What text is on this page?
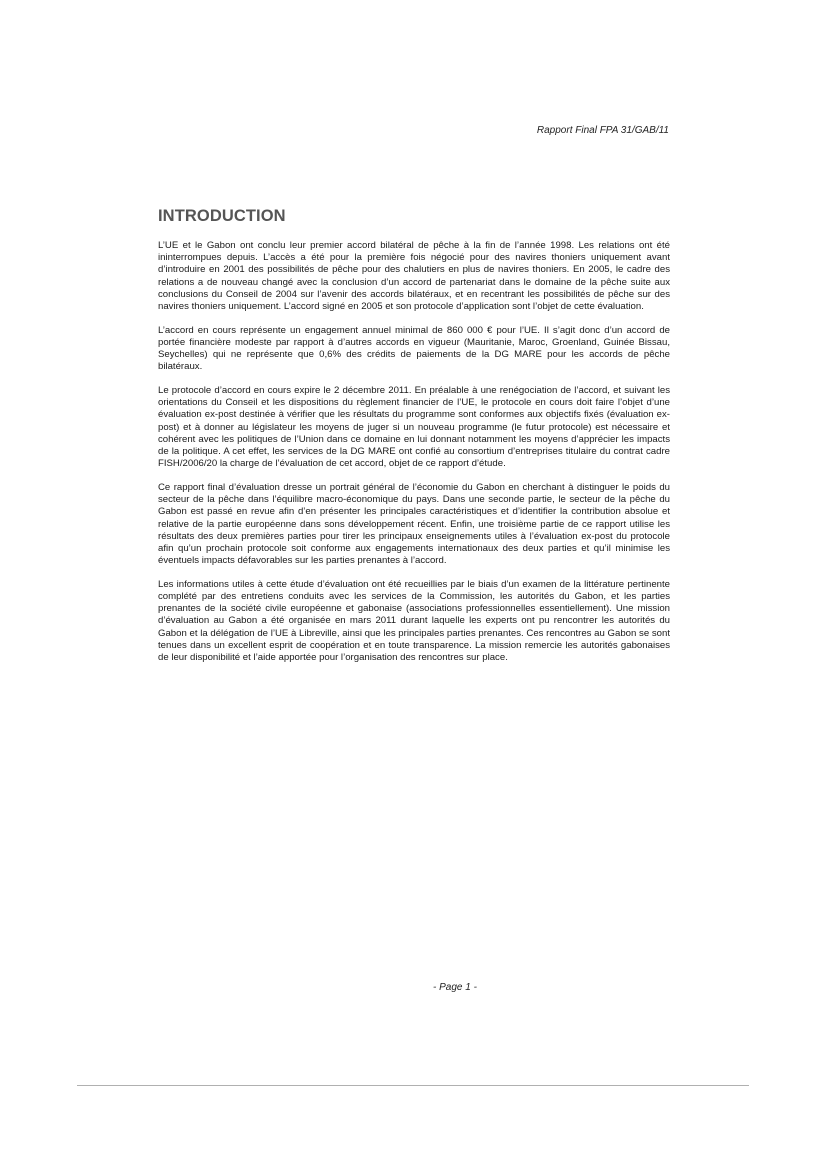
Rapport Final FPA 31/GAB/11
INTRODUCTION

L’UE et le Gabon ont conclu leur premier accord bilatéral de pêche à la fin de l’année 1998. Les relations ont été ininterrompues depuis. L’accès a été pour la première fois négocié pour des navires thoniers uniquement avant d’introduire en 2001 des possibilités de pêche pour des chalutiers en plus de navires thoniers. En 2005, le cadre des relations a de nouveau changé avec la conclusion d’un accord de partenariat dans le domaine de la pêche suite aux conclusions du Conseil de 2004 sur l’avenir des accords bilatéraux, et en recentrant les possibilités de pêche sur des navires thoniers uniquement. L’accord signé en 2005 et son protocole d’application sont l’objet de cette évaluation.

L’accord en cours représente un engagement annuel minimal de 860 000 € pour l’UE. Il s’agit donc d’un accord de portée financière modeste par rapport à d’autres accords en vigueur (Mauritanie, Maroc, Groenland, Guinée Bissau, Seychelles) qui ne représente que 0,6% des crédits de paiements de la DG MARE pour les accords de pêche bilatéraux.

Le protocole d’accord en cours expire le 2 décembre 2011. En préalable à une renégociation de l’accord, et suivant les orientations du Conseil et les dispositions du règlement financier de l’UE, le protocole en cours doit faire l’objet d’une évaluation ex-post destinée à vérifier que les résultats du programme sont conformes aux objectifs fixés (évaluation ex-post) et à donner au législateur les moyens de juger si un nouveau programme (le futur protocole) est nécessaire et cohérent avec les politiques de l’Union dans ce domaine en lui donnant notamment les moyens d’apprécier les impacts de la politique. A cet effet, les services de la DG MARE ont confié au consortium d’entreprises titulaire du contrat cadre FISH/2006/20 la charge de l’évaluation de cet accord, objet de ce rapport d’étude.

Ce rapport final d’évaluation dresse un portrait général de l’économie du Gabon en cherchant à distinguer le poids du secteur de la pêche dans l’équilibre macro-économique du pays. Dans une seconde partie, le secteur de la pêche du Gabon est passé en revue afin d’en présenter les principales caractéristiques et d’identifier la contribution absolue et relative de la partie européenne dans sons développement récent. Enfin, une troisième partie de ce rapport utilise les résultats des deux premières parties pour tirer les principaux enseignements utiles à l’évaluation ex-post du protocole afin qu’un prochain protocole soit conforme aux engagements internationaux des deux parties et qu’il minimise les éventuels impacts défavorables sur les parties prenantes à l’accord.

Les informations utiles à cette étude d’évaluation ont été recueillies par le biais d’un examen de la littérature pertinente complété par des entretiens conduits avec les services de la Commission, les autorités du Gabon, et les parties prenantes de la société civile européenne et gabonaise (associations professionnelles essentiellement). Une mission d’évaluation au Gabon a été organisée en mars 2011 durant laquelle les experts ont pu rencontrer les autorités du Gabon et la délégation de l’UE à Libreville, ainsi que les principales parties prenantes. Ces rencontres au Gabon se sont tenues dans un excellent esprit de coopération et en toute transparence. La mission remercie les autorités gabonaises de leur disponibilité et l’aide apportée pour l’organisation des rencontres sur place.

- Page 1 -
